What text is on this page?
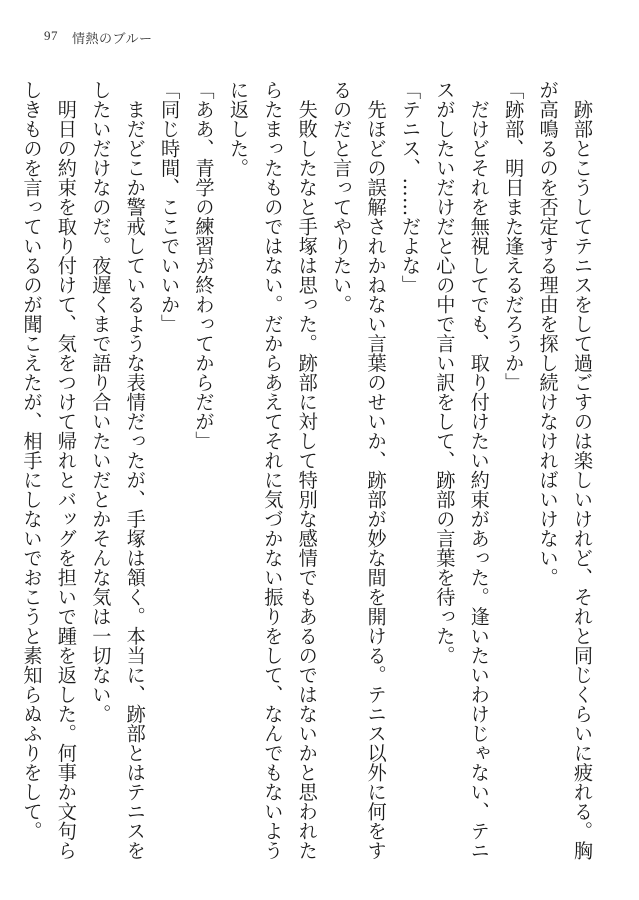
97 情熱のブルー

　跡部とこうしてテニスをして過ごすのは楽しいけれど、それと同じくらいに疲れる。胸が高鳴るのを否定する理由を探し続けなければいけない。

「跡部、明日また逢えるだろうか」

　だけどそれを無視してでも、取り付けたい約束があった。逢いたいわけじゃない、テニスがしたいだけだと心の中で言い訳をして、跡部の言葉を待った。

「テニス、……だよな」

　先ほどの誤解されかねない言葉のせいか、跡部が妙な間を開ける。テニス以外に何をするのだと言ってやりたい。

　失敗したなと手塚は思った。跡部に対して特別な感情でもあるのではないかと思われたらたまったものではない。だからあえてそれに気づかない振りをして、なんでもないように返した。

「ああ、青学の練習が終わってからだが」

「同じ時間、ここでいいか」

　まだどこか警戒しているような表情だったが、手塚は頷く。本当に、跡部とはテニスをしたいだけなのだ。夜遅くまで語り合いたいだとかそんな気は一切ない。

　明日の約束を取り付けて、気をつけて帰れとバッグを担いで踵を返した。何事か文句らしきものを言っているのが聞こえたが、相手にしないでおこうと素知らぬふりをして。
